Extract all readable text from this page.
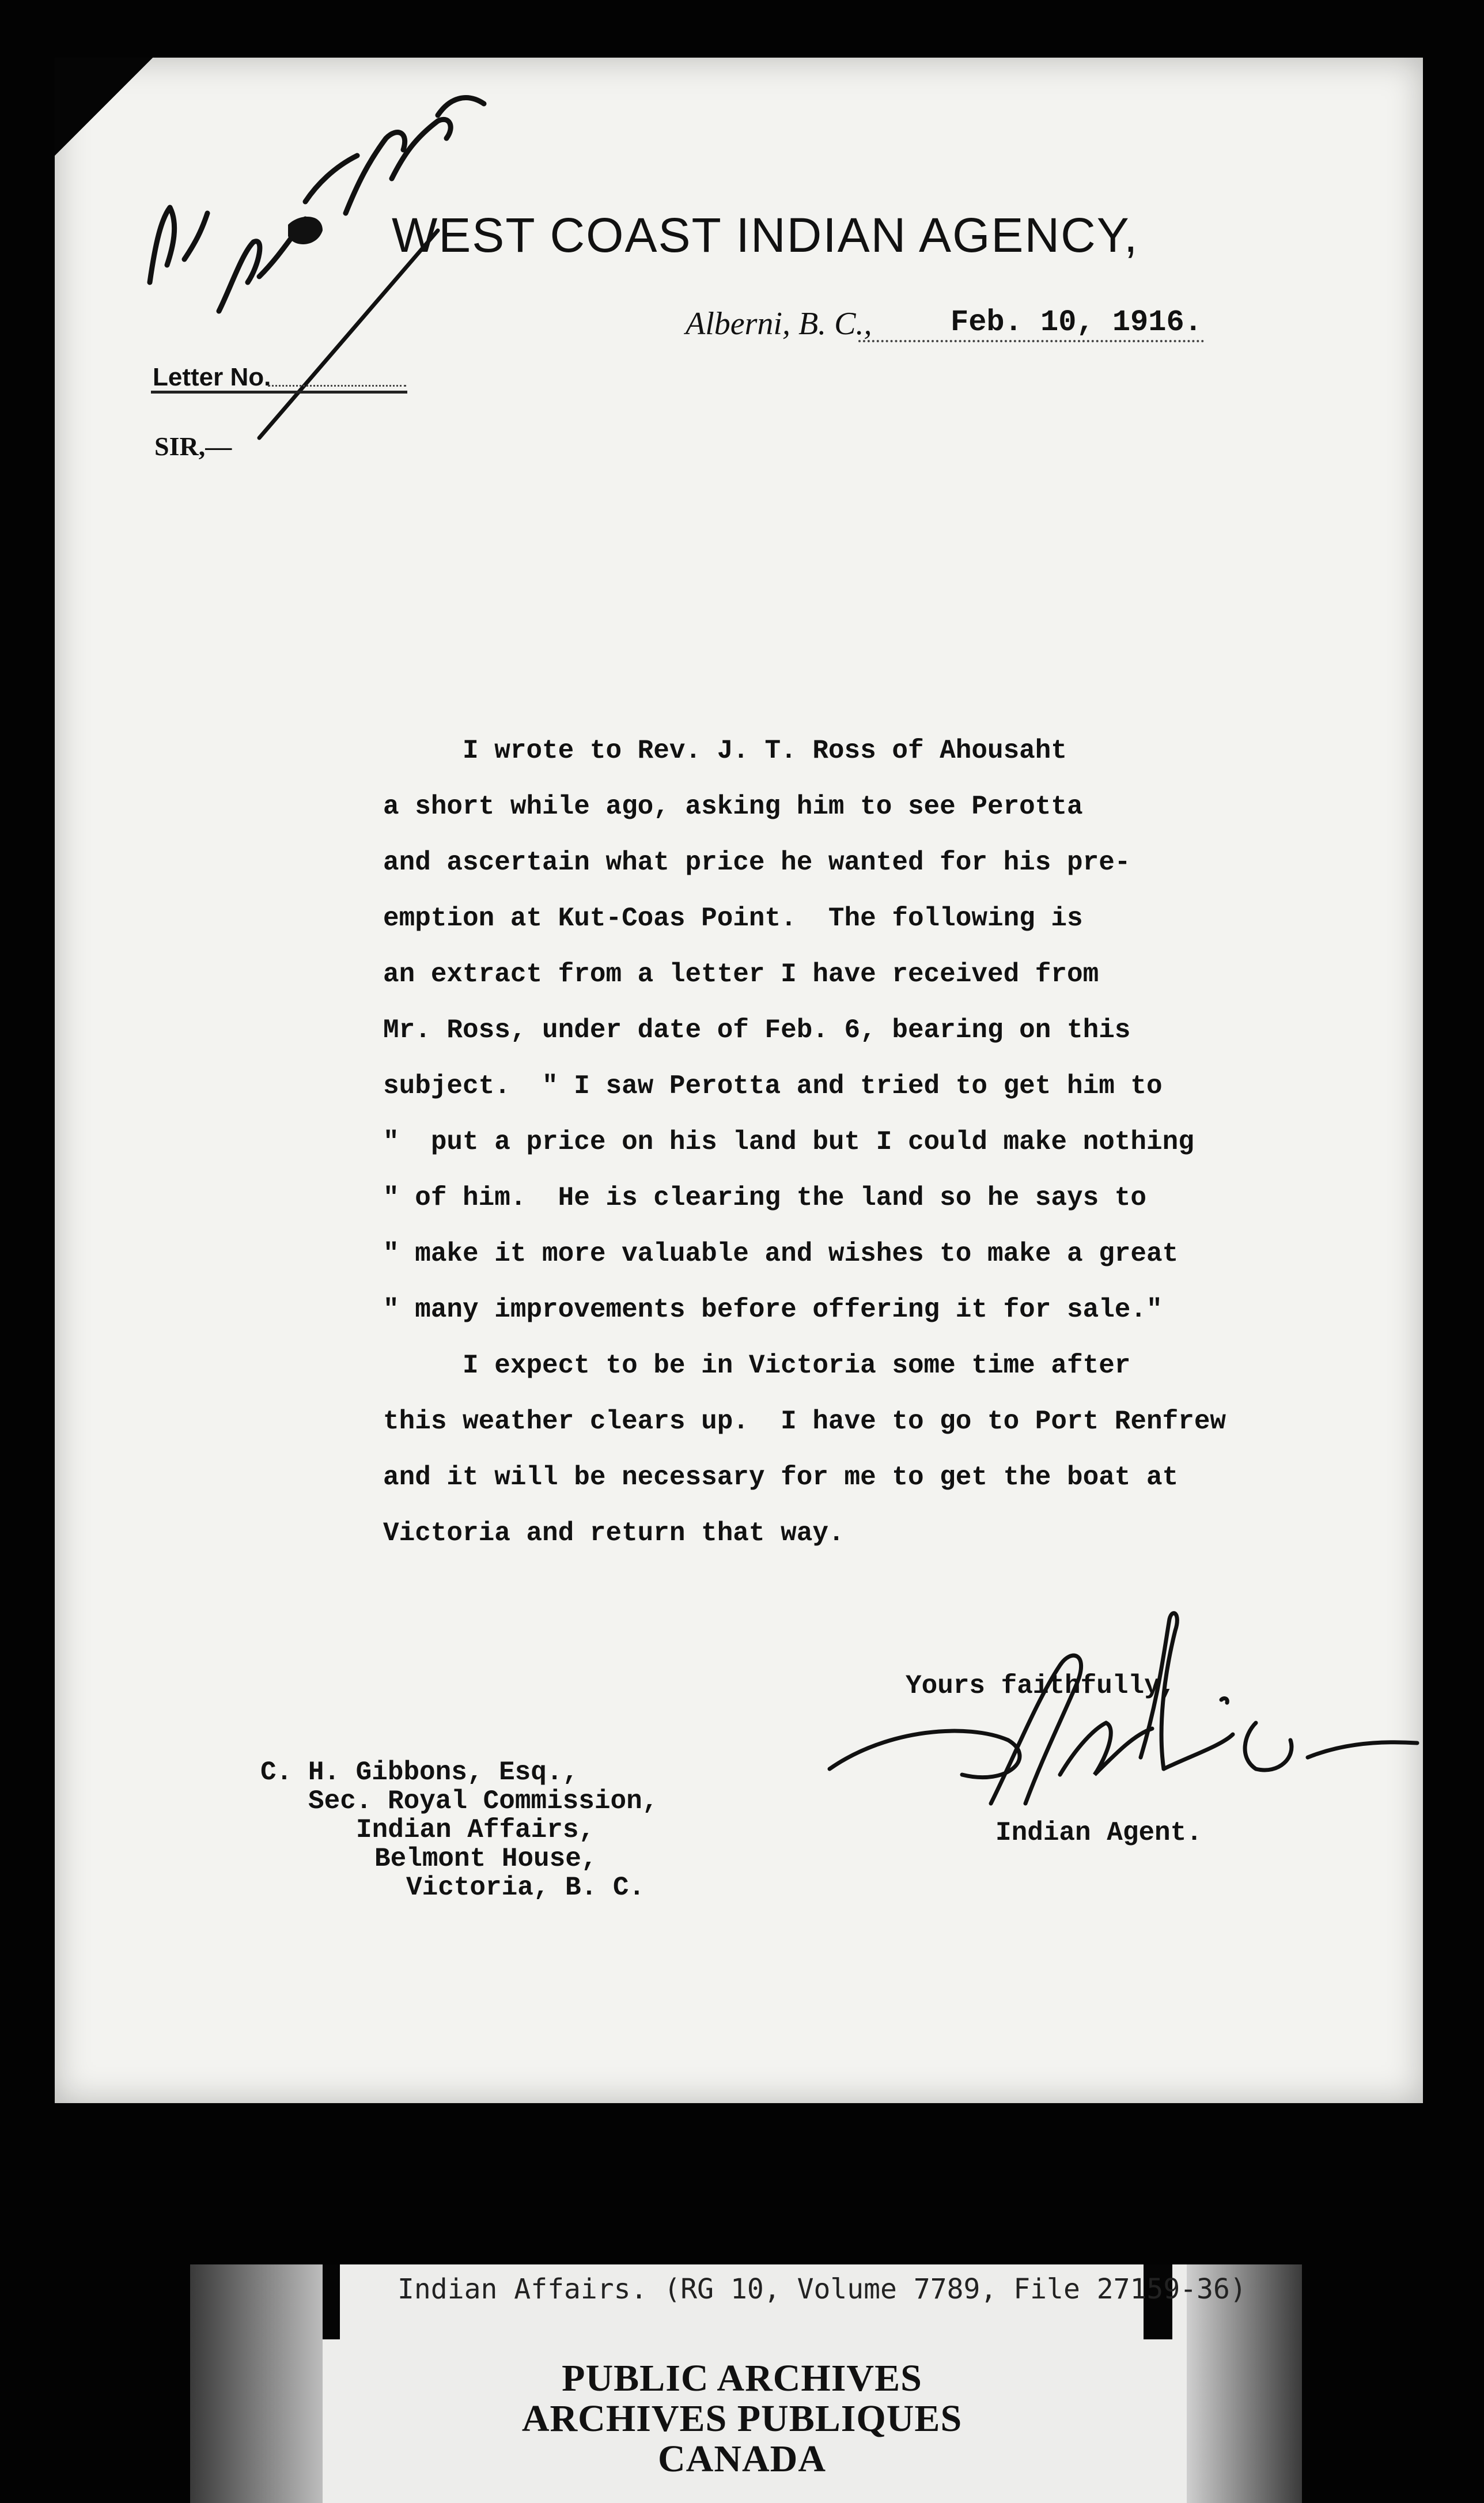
WEST COAST INDIAN AGENCY,
Alberni, B. C.,	Feb. 10, 1916.
Letter No.
SIR,—
I wrote to Rev. J. T. Ross of Ahousaht
a short while ago, asking him to see Perotta
and ascertain what price he wanted for his pre-
emption at Kut-Coas Point.  The following is
an extract from a letter I have received from
Mr. Ross, under date of Feb. 6, bearing on this
subject.  " I saw Perotta and tried to get him to
"  put a price on his land but I could make nothing
" of him.  He is clearing the land so he says to
" make it more valuable and wishes to make a great
" many improvements before offering it for sale."
I expect to be in Victoria some time after
this weather clears up.  I have to go to Port Renfrew
and it will be necessary for me to get the boat at
Victoria and return that way.
Yours faithfully,
Indian Agent.
C. H. Gibbons, Esq.,
Sec. Royal Commission,
Indian Affairs,
Belmont House,
Victoria, B. C.
Indian Affairs. (RG 10, Volume 7789, File 27159-36)
PUBLIC ARCHIVES
ARCHIVES PUBLIQUES
CANADA
